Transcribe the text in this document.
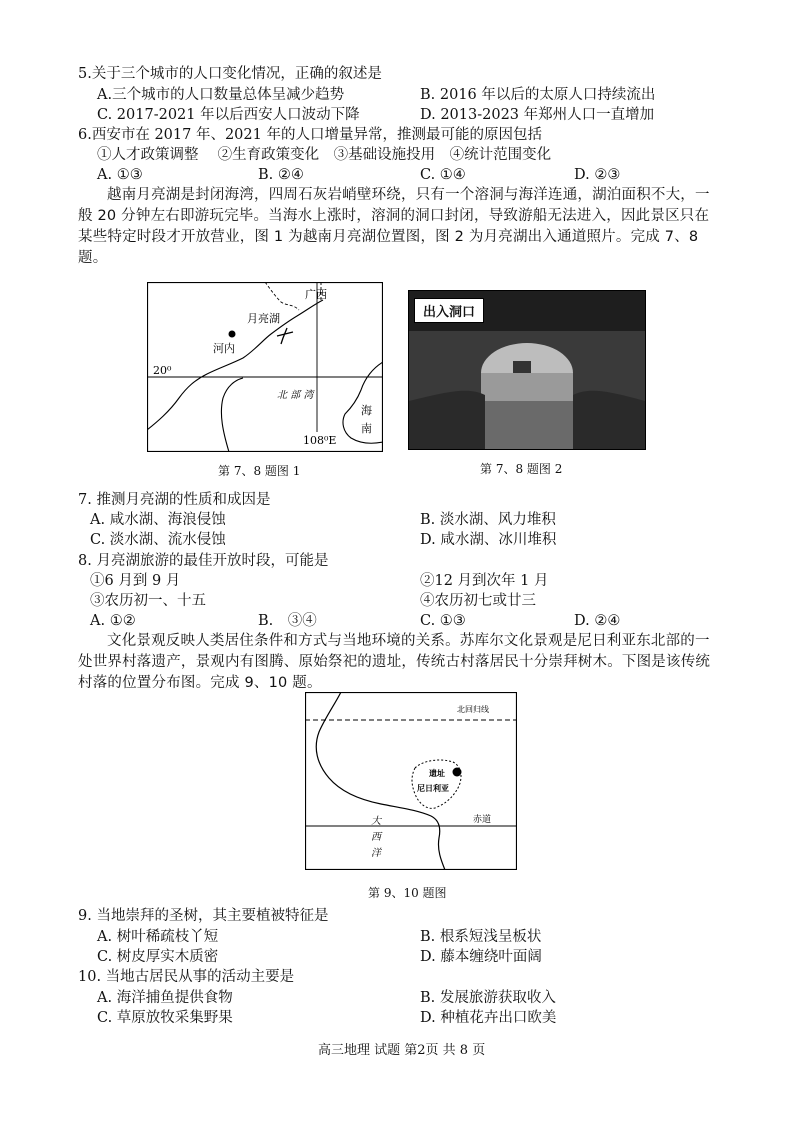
5.关于三个城市的人口变化情况，正确的叙述是
A.三个城市的人口数量总体呈减少趋势	B. 2016 年以后的太原人口持续流出
C. 2017-2021 年以后西安人口波动下降	D. 2013-2023 年郑州人口一直增加
6.西安市在 2017 年、2021 年的人口增量异常，推测最可能的原因包括
①人才政策调整　 ②生育政策变化　③基础设施投用　④统计范围变化
A. ①③	B. ②④	C. ①④	D. ②③
越南月亮湖是封闭海湾，四周石灰岩峭壁环绕，只有一个溶洞与海洋连通，湖泊面积不大，一般 20 分钟左右即游玩完毕。当海水上涨时，溶洞的洞口封闭，导致游船无法进入，因此景区只在某些特定时段才开放营业，图 1 为越南月亮湖位置图，图 2 为月亮湖出入通道照片。完成 7、8 题。
广西
月亮湖
河内
20⁰
北 部 湾
海
南
108⁰E
第 7、8 题图 1
出入洞口
第 7、8 题图 2
7. 推测月亮湖的性质和成因是
A. 咸水湖、海浪侵蚀	B. 淡水湖、风力堆积
C. 淡水湖、流水侵蚀	D. 咸水湖、冰川堆积
8. 月亮湖旅游的最佳开放时段，可能是
①6 月到 9 月	②12 月到次年 1 月
③农历初一、十五	④农历初七或廿三
A. ①②	B.　③④	C. ①③	D. ②④
文化景观反映人类居住条件和方式与当地环境的关系。苏库尔文化景观是尼日利亚东北部的一处世界村落遗产，景观内有图腾、原始祭祀的遗址，传统古村落居民十分崇拜树木。下图是该传统村落的位置分布图。完成 9、10 题。
北回归线
遗址
尼日利亚
赤道
大
西
洋
第 9、10 题图
9. 当地崇拜的圣树，其主要植被特征是
A. 树叶稀疏枝丫短	B. 根系短浅呈板状
C. 树皮厚实木质密	D. 藤本缠绕叶面阔
10. 当地古居民从事的活动主要是
A. 海洋捕鱼提供食物	B. 发展旅游获取收入
C. 草原放牧采集野果	D. 种植花卉出口欧美
高三地理 试题 第2页 共 8 页
